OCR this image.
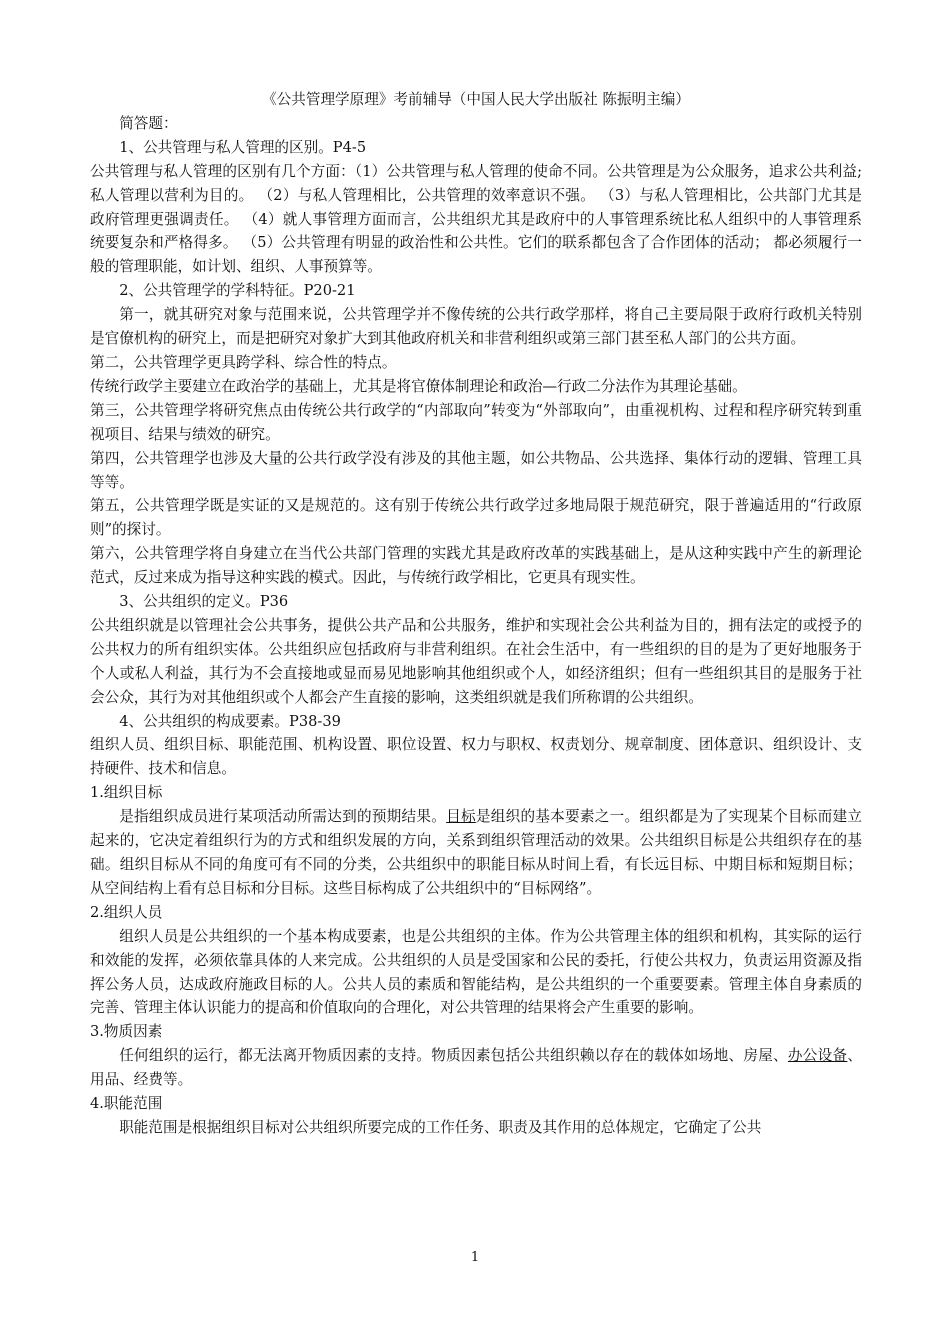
《公共管理学原理》考前辅导（中国人民大学出版社 陈振明主编）

简答题：

1、公共管理与私人管理的区别。P4-5

公共管理与私人管理的区别有几个方面：（1）公共管理与私人管理的使命不同。公共管理是为公众服务，追求公共利益;私人管理以营利为目的。 （2）与私人管理相比，公共管理的效率意识不强。 （3）与私人管理相比，公共部门尤其是政府管理更强调责任。 （4）就人事管理方面而言，公共组织尤其是政府中的人事管理系统比私人组织中的人事管理系统要复杂和严格得多。 （5）公共管理有明显的政治性和公共性。它们的联系都包含了合作团体的活动； 都必须履行一般的管理职能，如计划、组织、人事预算等。

2、公共管理学的学科特征。P20-21

第一，就其研究对象与范围来说，公共管理学并不像传统的公共行政学那样，将自己主要局限于政府行政机关特别是官僚机构的研究上，而是把研究对象扩大到其他政府机关和非营利组织或第三部门甚至私人部门的公共方面。

第二，公共管理学更具跨学科、综合性的特点。

传统行政学主要建立在政治学的基础上，尤其是将官僚体制理论和政治—行政二分法作为其理论基础。

第三，公共管理学将研究焦点由传统公共行政学的“内部取向”转变为“外部取向”，由重视机构、过程和程序研究转到重视项目、结果与绩效的研究。

第四，公共管理学也涉及大量的公共行政学没有涉及的其他主题，如公共物品、公共选择、集体行动的逻辑、管理工具等等。

第五，公共管理学既是实证的又是规范的。这有别于传统公共行政学过多地局限于规范研究，限于普遍适用的“行政原则”的探讨。

第六，公共管理学将自身建立在当代公共部门管理的实践尤其是政府改革的实践基础上，是从这种实践中产生的新理论范式，反过来成为指导这种实践的模式。因此，与传统行政学相比，它更具有现实性。

3、公共组织的定义。P36

公共组织就是以管理社会公共事务，提供公共产品和公共服务，维护和实现社会公共利益为目的，拥有法定的或授予的公共权力的所有组织实体。公共组织应包括政府与非营利组织。在社会生活中，有一些组织的目的是为了更好地服务于个人或私人利益，其行为不会直接地或显而易见地影响其他组织或个人，如经济组织；但有一些组织其目的是服务于社会公众，其行为对其他组织或个人都会产生直接的影响，这类组织就是我们所称谓的公共组织。

4、公共组织的构成要素。P38-39

组织人员、组织目标、职能范围、机构设置、职位设置、权力与职权、权责划分、规章制度、团体意识、组织设计、支持硬件、技术和信息。

1.组织目标

是指组织成员进行某项活动所需达到的预期结果。目标是组织的基本要素之一。组织都是为了实现某个目标而建立起来的，它决定着组织行为的方式和组织发展的方向，关系到组织管理活动的效果。公共组织目标是公共组织存在的基础。组织目标从不同的角度可有不同的分类，公共组织中的职能目标从时间上看，有长远目标、中期目标和短期目标；从空间结构上看有总目标和分目标。这些目标构成了公共组织中的“目标网络”。

2.组织人员

组织人员是公共组织的一个基本构成要素，也是公共组织的主体。作为公共管理主体的组织和机构，其实际的运行和效能的发挥，必须依靠具体的人来完成。公共组织的人员是受国家和公民的委托，行使公共权力，负责运用资源及指挥公务人员，达成政府施政目标的人。公共人员的素质和智能结构，是公共组织的一个重要要素。管理主体自身素质的完善、管理主体认识能力的提高和价值取向的合理化，对公共管理的结果将会产生重要的影响。

3.物质因素

任何组织的运行，都无法离开物质因素的支持。物质因素包括公共组织赖以存在的载体如场地、房屋、办公设备、用品、经费等。

4.职能范围

职能范围是根据组织目标对公共组织所要完成的工作任务、职责及其作用的总体规定，它确定了公共

1
